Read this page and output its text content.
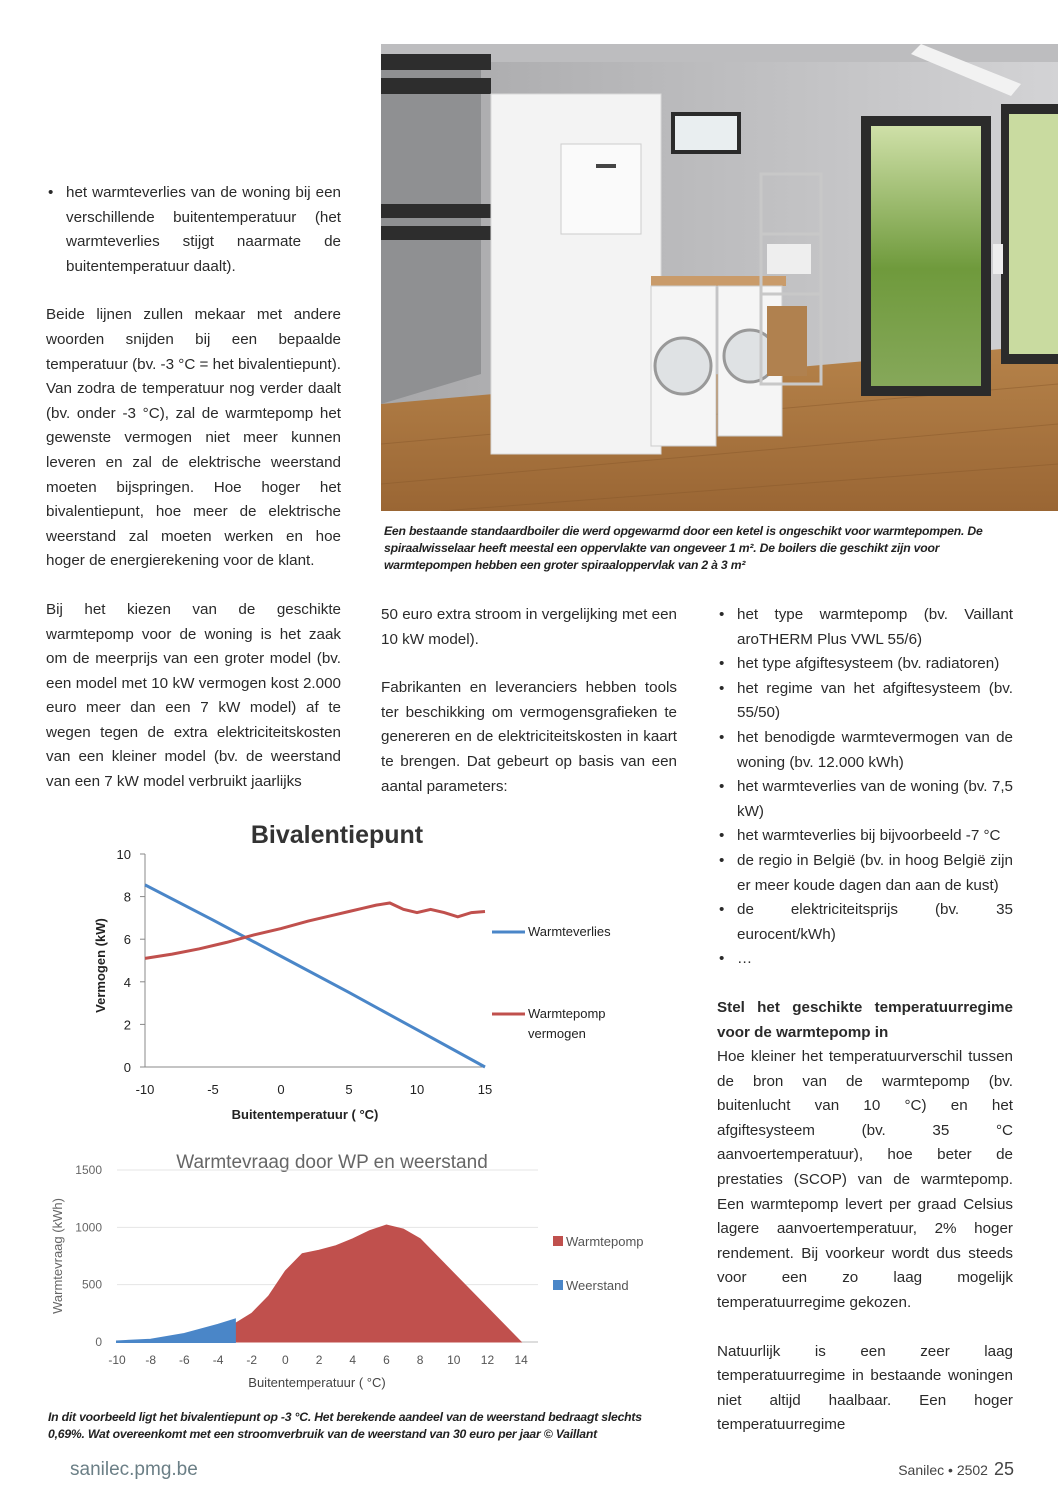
• het warmteverlies van de woning bij een verschillende buitentemperatuur (het warmteverlies stijgt naarmate de buitentemperatuur daalt).

Beide lijnen zullen mekaar met andere woorden snijden bij een bepaalde temperatuur (bv. -3 °C = het bivalentiepunt). Van zodra de temperatuur nog verder daalt (bv. onder -3 °C), zal de warmtepomp het gewenste vermogen niet meer kunnen leveren en zal de elektrische weerstand moeten bijspringen. Hoe hoger het bivalentiepunt, hoe meer de elektrische weerstand zal moeten werken en hoe hoger de energierekening voor de klant.

Bij het kiezen van de geschikte warmtepomp voor de woning is het zaak om de meerprijs van een groter model (bv. een model met 10 kW vermogen kost 2.000 euro meer dan een 7 kW model) af te wegen tegen de extra elektriciteitskosten van een kleiner model (bv. de weerstand van een 7 kW model verbruikt jaarlijks

Een bestaande standaardboiler die werd opgewarmd door een ketel is ongeschikt voor warmtepompen. De spiraalwisselaar heeft meestal een oppervlakte van ongeveer 1 m². De boilers die geschikt zijn voor warmtepompen hebben een groter spiraaloppervlak van 2 à 3 m²

50 euro extra stroom in vergelijking met een 10 kW model).

Fabrikanten en leveranciers hebben tools ter beschikking om vermogensgrafieken te genereren en de elektriciteitskosten in kaart te brengen. Dat gebeurt op basis van een aantal parameters:

• het type warmtepomp (bv. Vaillant aroTHERM Plus VWL 55/6)
• het type afgiftesysteem (bv. radiatoren)
• het regime van het afgiftesysteem (bv. 55/50)
• het benodigde warmtevermogen van de woning (bv. 12.000 kWh)
• het warmteverlies van de woning (bv. 7,5 kW)
• het warmteverlies bij bijvoorbeeld -7 °C
• de regio in België (bv. in hoog België zijn er meer koude dagen dan aan de kust)
• de elektriciteitsprijs (bv. 35 eurocent/kWh)
• …
Stel het geschikte temperatuurregime voor de warmtepomp in

Hoe kleiner het temperatuurverschil tussen de bron van de warmtepomp (bv. buitenlucht van 10 °C) en het afgiftesysteem (bv. 35 °C aanvoertemperatuur), hoe beter de prestaties (SCOP) van de warmtepomp. Een warmtepomp levert per graad Celsius lagere aanvoertemperatuur, 2% hoger rendement. Bij voorkeur wordt dus steeds voor een zo laag mogelijk temperatuurregime gekozen.

Natuurlijk is een zeer laag temperatuurregime in bestaande woningen niet altijd haalbaar. Een hoger temperatuurregime

Bivalentiepunt
0
2
4
6
8
10
-10	-5	0	5	10	15
Buitentemperatuur ( °C)
Vermogen (kW)	Warmteverlies
Warmtepomp vermogen
Warmtevraag door WP en weerstand
0
500
1000
1500
-10 -8 -6 -4 -2 0 2 4 6 8 10 12 14
Buitentemperatuur ( °C)
Warmtevraag (kWh)	Warmtepomp
Weerstand
In dit voorbeeld ligt het bivalentiepunt op -3 °C. Het berekende aandeel van de weerstand bedraagt slechts 0,69%. Wat overeenkomt met een stroomverbruik van de weerstand van 30 euro per jaar © Vaillant
sanilec.pmg.be	Sanilec • 2502 25
